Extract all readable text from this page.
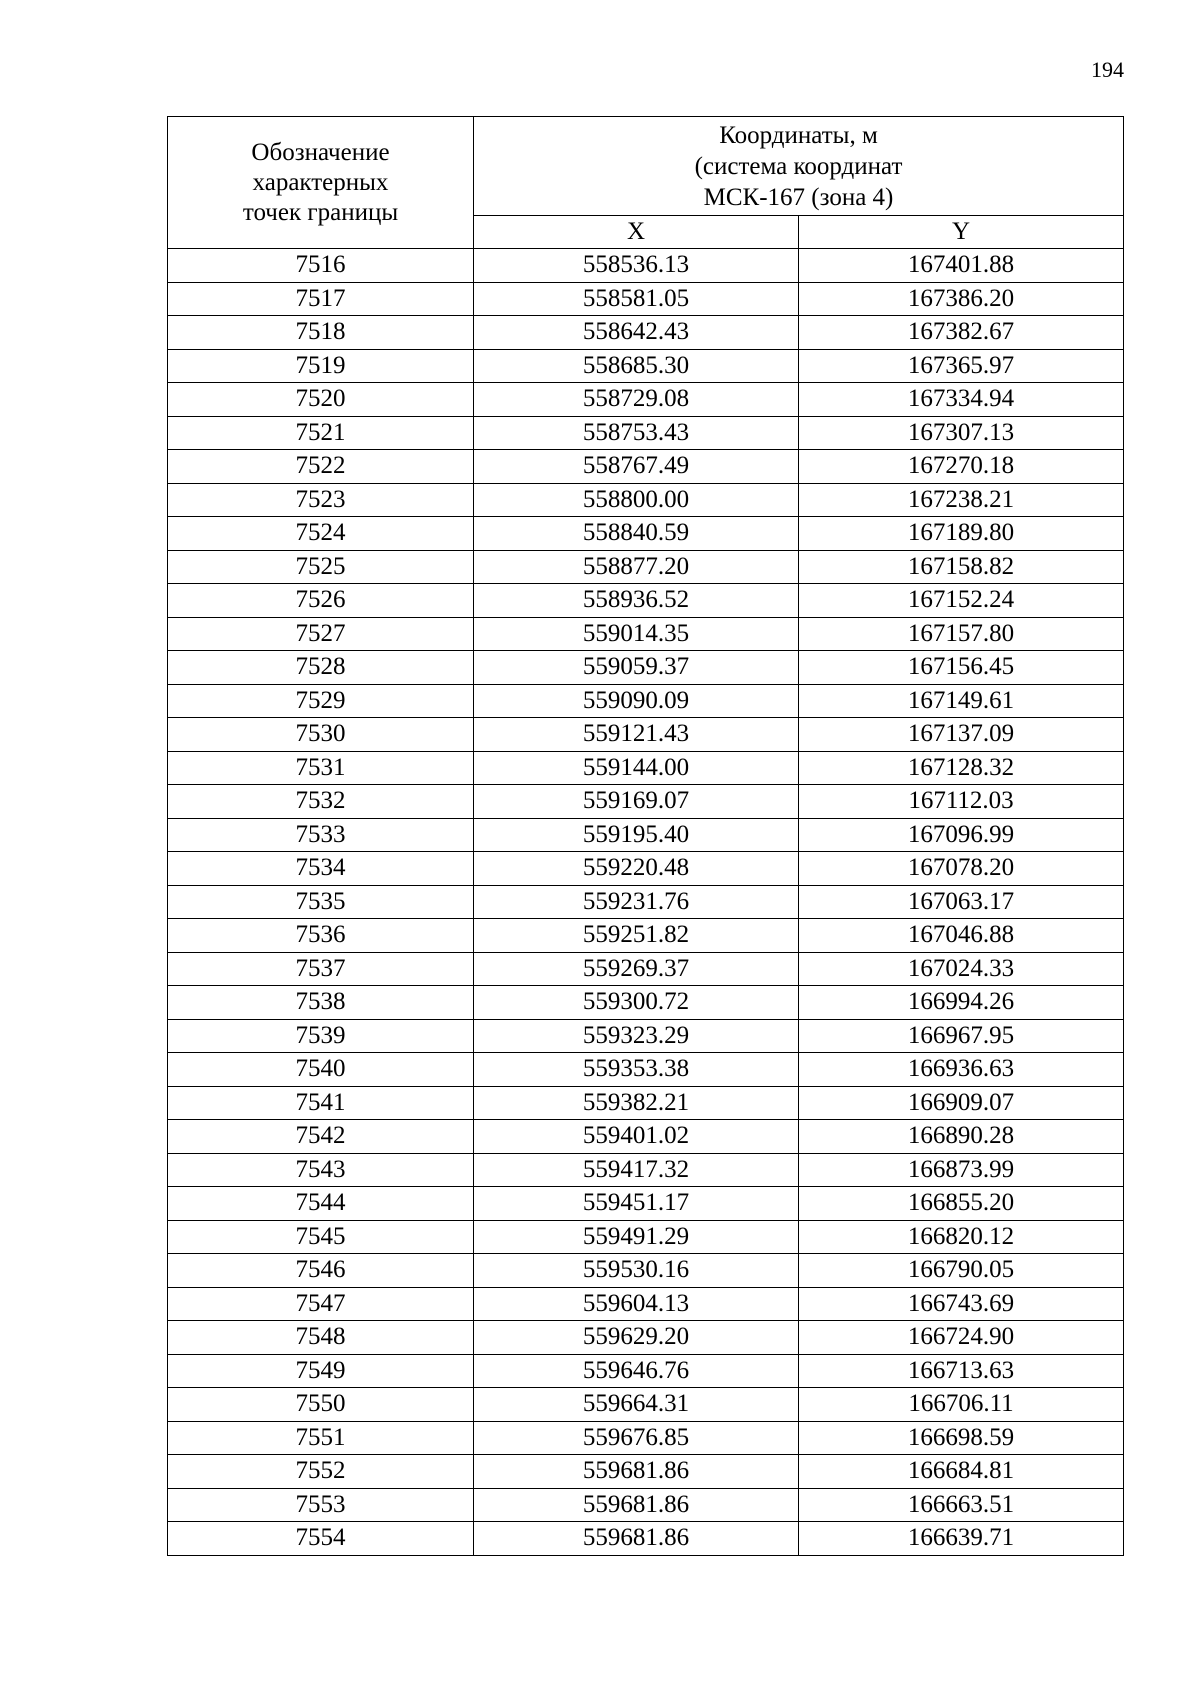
194
Обозначение
характерных
точек границы	Координаты, м
(система координат
МСК-167 (зона 4)	

	X	Y
7516	558536.13	167401.88
7517	558581.05	167386.20
7518	558642.43	167382.67
7519	558685.30	167365.97
7520	558729.08	167334.94
7521	558753.43	167307.13
7522	558767.49	167270.18
7523	558800.00	167238.21
7524	558840.59	167189.80
7525	558877.20	167158.82
7526	558936.52	167152.24
7527	559014.35	167157.80
7528	559059.37	167156.45
7529	559090.09	167149.61
7530	559121.43	167137.09
7531	559144.00	167128.32
7532	559169.07	167112.03
7533	559195.40	167096.99
7534	559220.48	167078.20
7535	559231.76	167063.17
7536	559251.82	167046.88
7537	559269.37	167024.33
7538	559300.72	166994.26
7539	559323.29	166967.95
7540	559353.38	166936.63
7541	559382.21	166909.07
7542	559401.02	166890.28
7543	559417.32	166873.99
7544	559451.17	166855.20
7545	559491.29	166820.12
7546	559530.16	166790.05
7547	559604.13	166743.69
7548	559629.20	166724.90
7549	559646.76	166713.63
7550	559664.31	166706.11
7551	559676.85	166698.59
7552	559681.86	166684.81
7553	559681.86	166663.51
7554	559681.86	166639.71
